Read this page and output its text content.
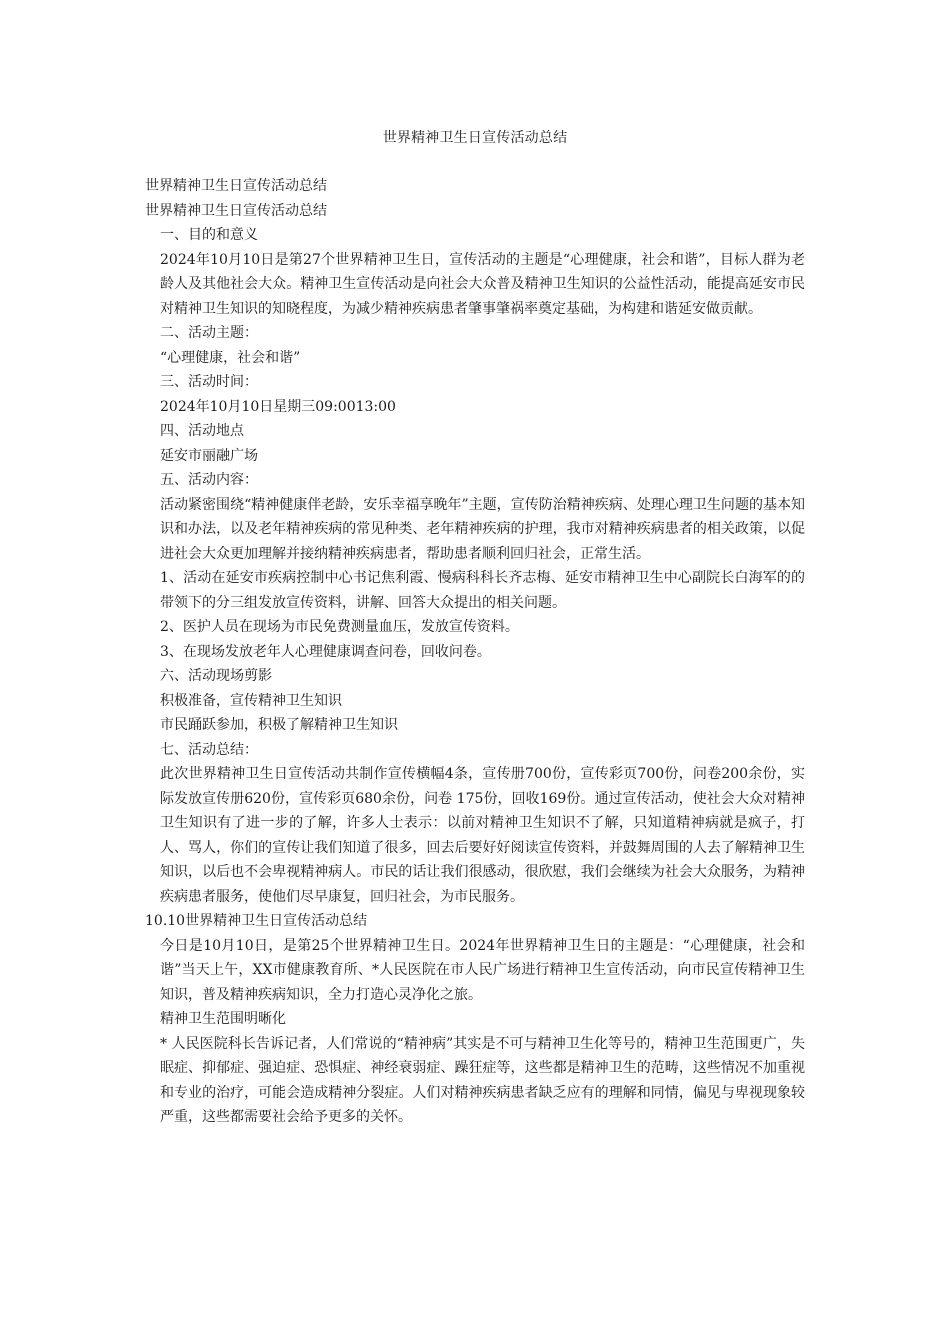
世界精神卫生日宣传活动总结

世界精神卫生日宣传活动总结

世界精神卫生日宣传活动总结

一、目的和意义

2024年10月10日是第27个世界精神卫生日，宣传活动的主题是“心理健康，社会和谐”，目标人群为老龄人及其他社会大众。精神卫生宣传活动是向社会大众普及精神卫生知识的公益性活动，能提高延安市民对精神卫生知识的知晓程度，为减少精神疾病患者肇事肇祸率奠定基础，为构建和谐延安做贡献。

二、活动主题：

“心理健康，社会和谐”

三、活动时间：

2024年10月10日星期三09:0013:00

四、活动地点

延安市丽融广场

五、活动内容：

活动紧密围绕“精神健康伴老龄，安乐幸福享晚年”主题，宣传防治精神疾病、处理心理卫生问题的基本知识和办法，以及老年精神疾病的常见种类、老年精神疾病的护理，我市对精神疾病患者的相关政策，以促进社会大众更加理解并接纳精神疾病患者，帮助患者顺利回归社会，正常生活。

1、活动在延安市疾病控制中心书记焦利霞、慢病科科长齐志梅、延安市精神卫生中心副院长白海军的的带领下的分三组发放宣传资料，讲解、回答大众提出的相关问题。

2、医护人员在现场为市民免费测量血压，发放宣传资料。

3、在现场发放老年人心理健康调查问卷，回收问卷。

六、活动现场剪影

积极准备，宣传精神卫生知识

市民踊跃参加，积极了解精神卫生知识

七、活动总结：

此次世界精神卫生日宣传活动共制作宣传横幅4条，宣传册700份，宣传彩页700份，问卷200余份，实际发放宣传册620份，宣传彩页680余份，问卷 175份，回收169份。通过宣传活动，使社会大众对精神卫生知识有了进一步的了解，许多人士表示：以前对精神卫生知识不了解，只知道精神病就是疯子，打人、骂人，你们的宣传让我们知道了很多，回去后要好好阅读宣传资料，并鼓舞周围的人去了解精神卫生知识，以后也不会卑视精神病人。市民的话让我们很感动，很欣慰，我们会继续为社会大众服务，为精神疾病患者服务，使他们尽早康复，回归社会，为市民服务。

10.10世界精神卫生日宣传活动总结

今日是10月10日，是第25个世界精神卫生日。2024年世界精神卫生日的主题是：“心理健康，社会和谐”当天上午，XX市健康教育所、*人民医院在市人民广场进行精神卫生宣传活动，向市民宣传精神卫生知识，普及精神疾病知识，全力打造心灵净化之旅。

精神卫生范围明晰化

* 人民医院科长告诉记者，人们常说的“精神病”其实是不可与精神卫生化等号的，精神卫生范围更广，失眠症、抑郁症、强迫症、恐惧症、神经衰弱症、躁狂症等，这些都是精神卫生的范畴，这些情况不加重视和专业的治疗，可能会造成精神分裂症。人们对精神疾病患者缺乏应有的理解和同情，偏见与卑视现象较严重，这些都需要社会给予更多的关怀。
